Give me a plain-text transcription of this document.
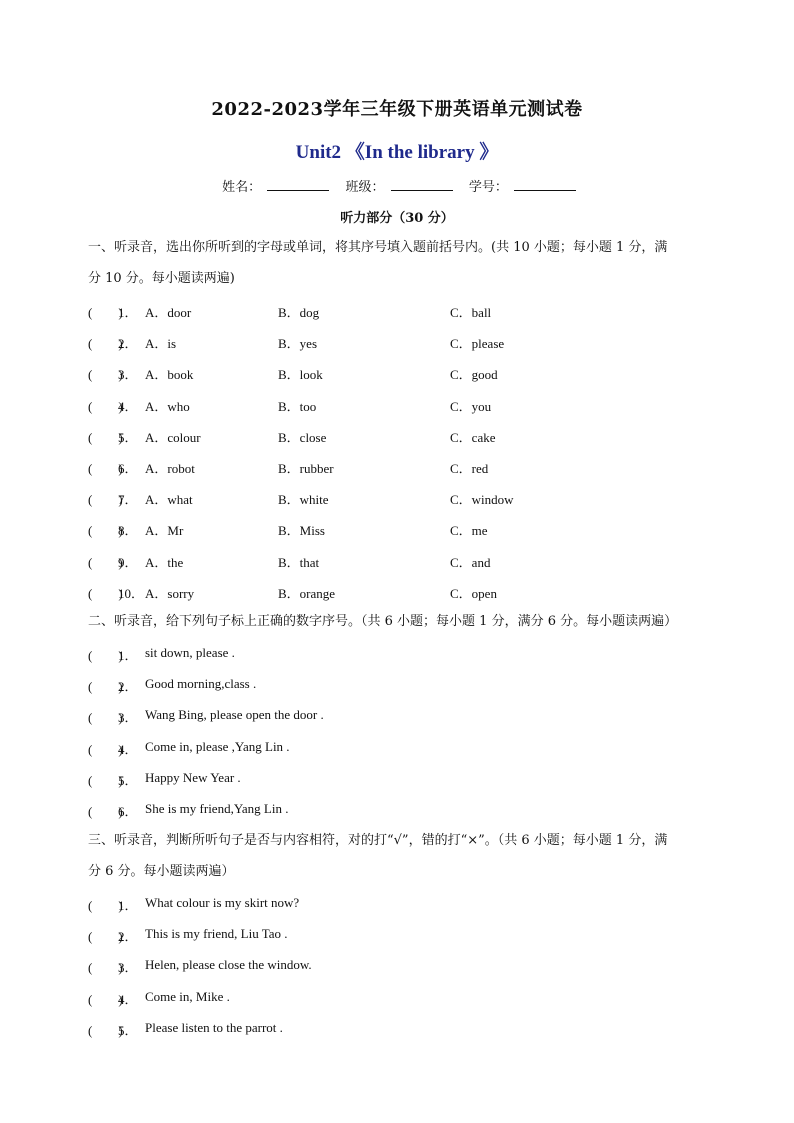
2022-2023学年三年级下册英语单元测试卷
Unit2 《In the library 》
姓名：	班级：	学号：
听力部分（30 分）
一、听录音，选出你所听到的字母或单词，将其序号填入题前括号内。(共 10 小题；每小题 1 分，满
分 10 分。每小题读两遍)
(　　)
1． A．door	B．dog	C．ball
(　　)
2． A．is	B．yes	C．please
(　　)
3． A．book	B．look	C．good
(　　)
4． A．who	B．too	C．you
(　　)
5． A．colour	B．close	C．cake
(　　)
6． A．robot	B．rubber	C．red
(　　)
7． A．what	B．white	C．window
(　　)
8． A．Mr	B．Miss	C．me
(　　)
9． A．the	B．that	C．and
(　　)
10． A．sorry	B．orange	C．open
二、听录音，给下列句子标上正确的数字序号。（共 6 小题；每小题 1 分，满分 6 分。每小题读两遍）
(　　)
1． sit down, please .
(　　)
2． Good morning,class .
(　　)
3． Wang Bing, please open the door .
(　　)
4． Come in, please ,Yang Lin .
(　　)
5． Happy New Year .
(　　)
6． She is my friend,Yang Lin .
三、听录音，判断所听句子是否与内容相符，对的打“√”，错的打“×”。（共 6 小题；每小题 1 分，满
分 6 分。每小题读两遍）
(　　)
1． What colour is my skirt now?
(　　)
2． This is my friend, Liu Tao .
(　　)
3． Helen, please close the window.
(　　)
4． Come in, Mike .
(　　)
5． Please listen to the parrot .
